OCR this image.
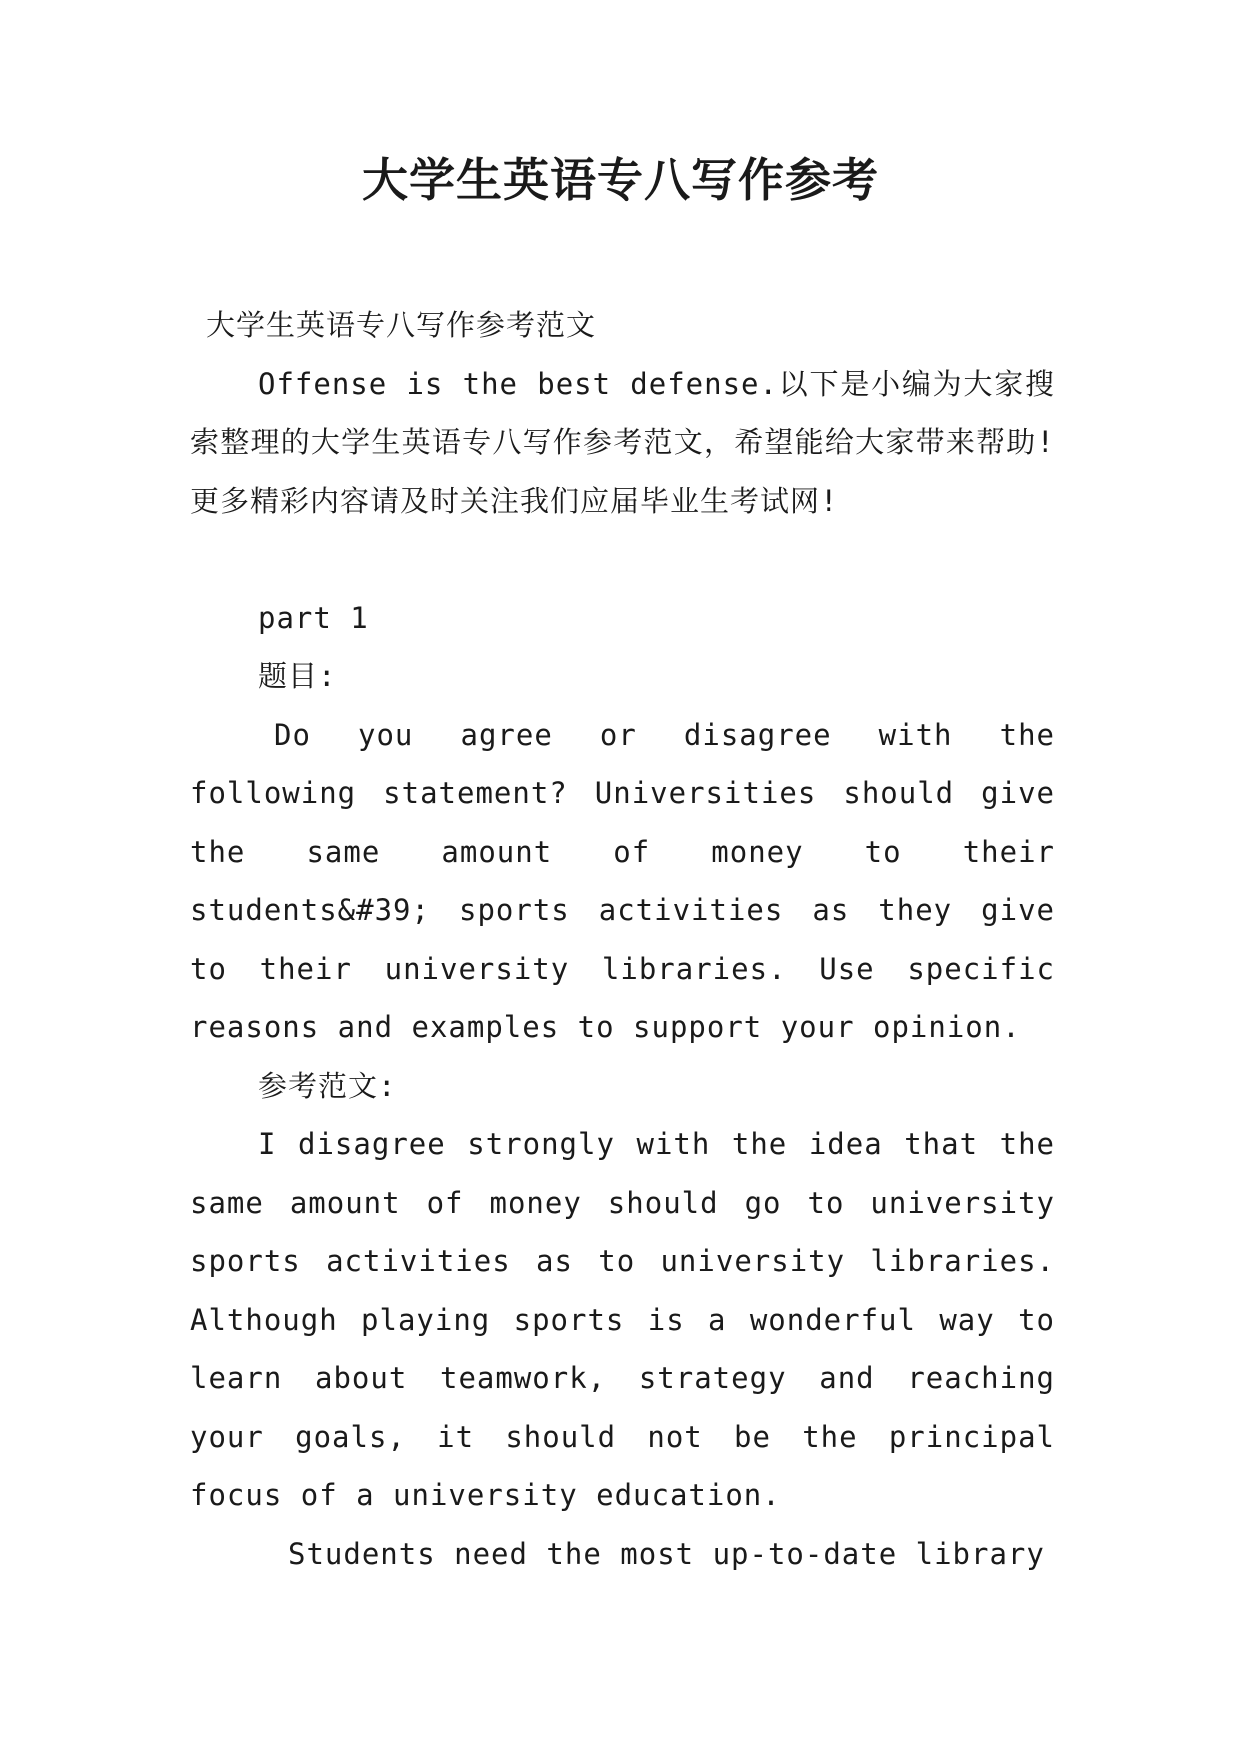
大学生英语专八写作参考

大学生英语专八写作参考范文

Offense is the best defense.以下是小编为大家搜索整理的大学生英语专八写作参考范文，希望能给大家带来帮助!更多精彩内容请及时关注我们应届毕业生考试网!

part 1

题目:

Do you agree or disagree with the following statement? Universities should give the same amount of money to their students&#39; sports activities as they give to their university libraries. Use specific reasons and examples to support your opinion.

参考范文:

I disagree strongly with the idea that the same amount of money should go to university sports activities as to university libraries. Although playing sports is a wonderful way to learn about teamwork, strategy and reaching your goals, it should not be the principal focus of a university education.

Students need the most up-to-date library
